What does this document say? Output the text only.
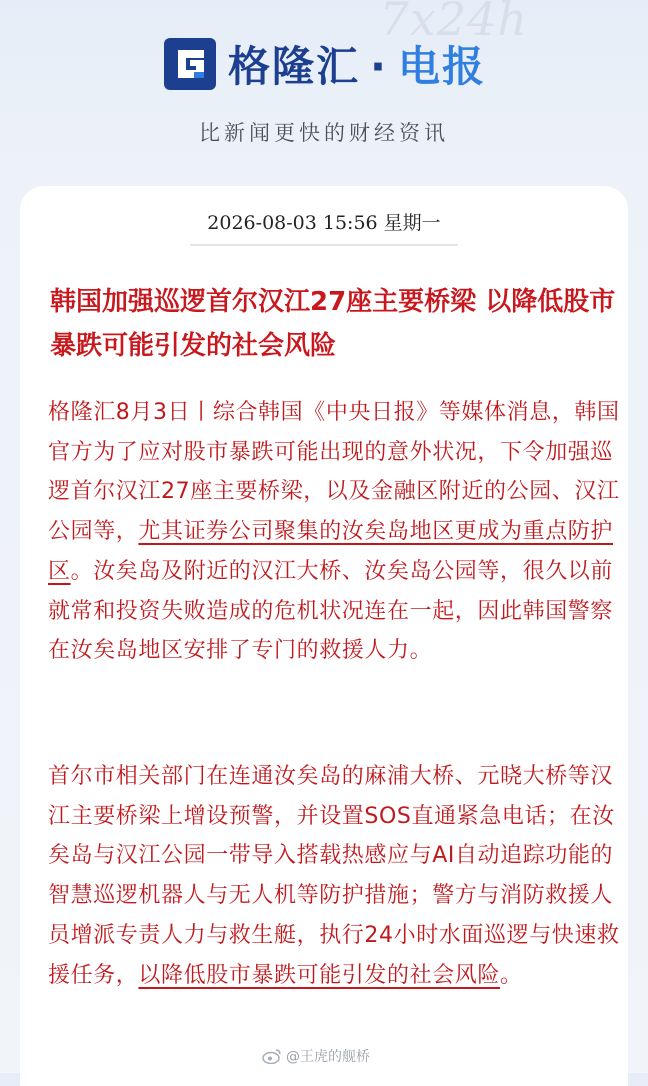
7x24h
格隆汇 · 电报
比新闻更快的财经资讯
2026-08-03 15:56 星期一
韩国加强巡逻首尔汉江27座主要桥梁 以降低股市暴跌可能引发的社会风险

格隆汇8月3日丨综合韩国《中央日报》等媒体消息，韩国官方为了应对股市暴跌可能出现的意外状况，下令加强巡逻首尔汉江27座主要桥梁，以及金融区附近的公园、汉江公园等，尤其证券公司聚集的汝矣岛地区更成为重点防护区。汝矣岛及附近的汉江大桥、汝矣岛公园等，很久以前就常和投资失败造成的危机状况连在一起，因此韩国警察在汝矣岛地区安排了专门的救援人力。

首尔市相关部门在连通汝矣岛的麻浦大桥、元晓大桥等汉江主要桥梁上增设预警，并设置SOS直通紧急电话；在汝矣岛与汉江公园一带导入搭载热感应与AI自动追踪功能的智慧巡逻机器人与无人机等防护措施；警方与消防救援人员增派专责人力与救生艇，执行24小时水面巡逻与快速救援任务，以降低股市暴跌可能引发的社会风险。

@王虎的舰桥
